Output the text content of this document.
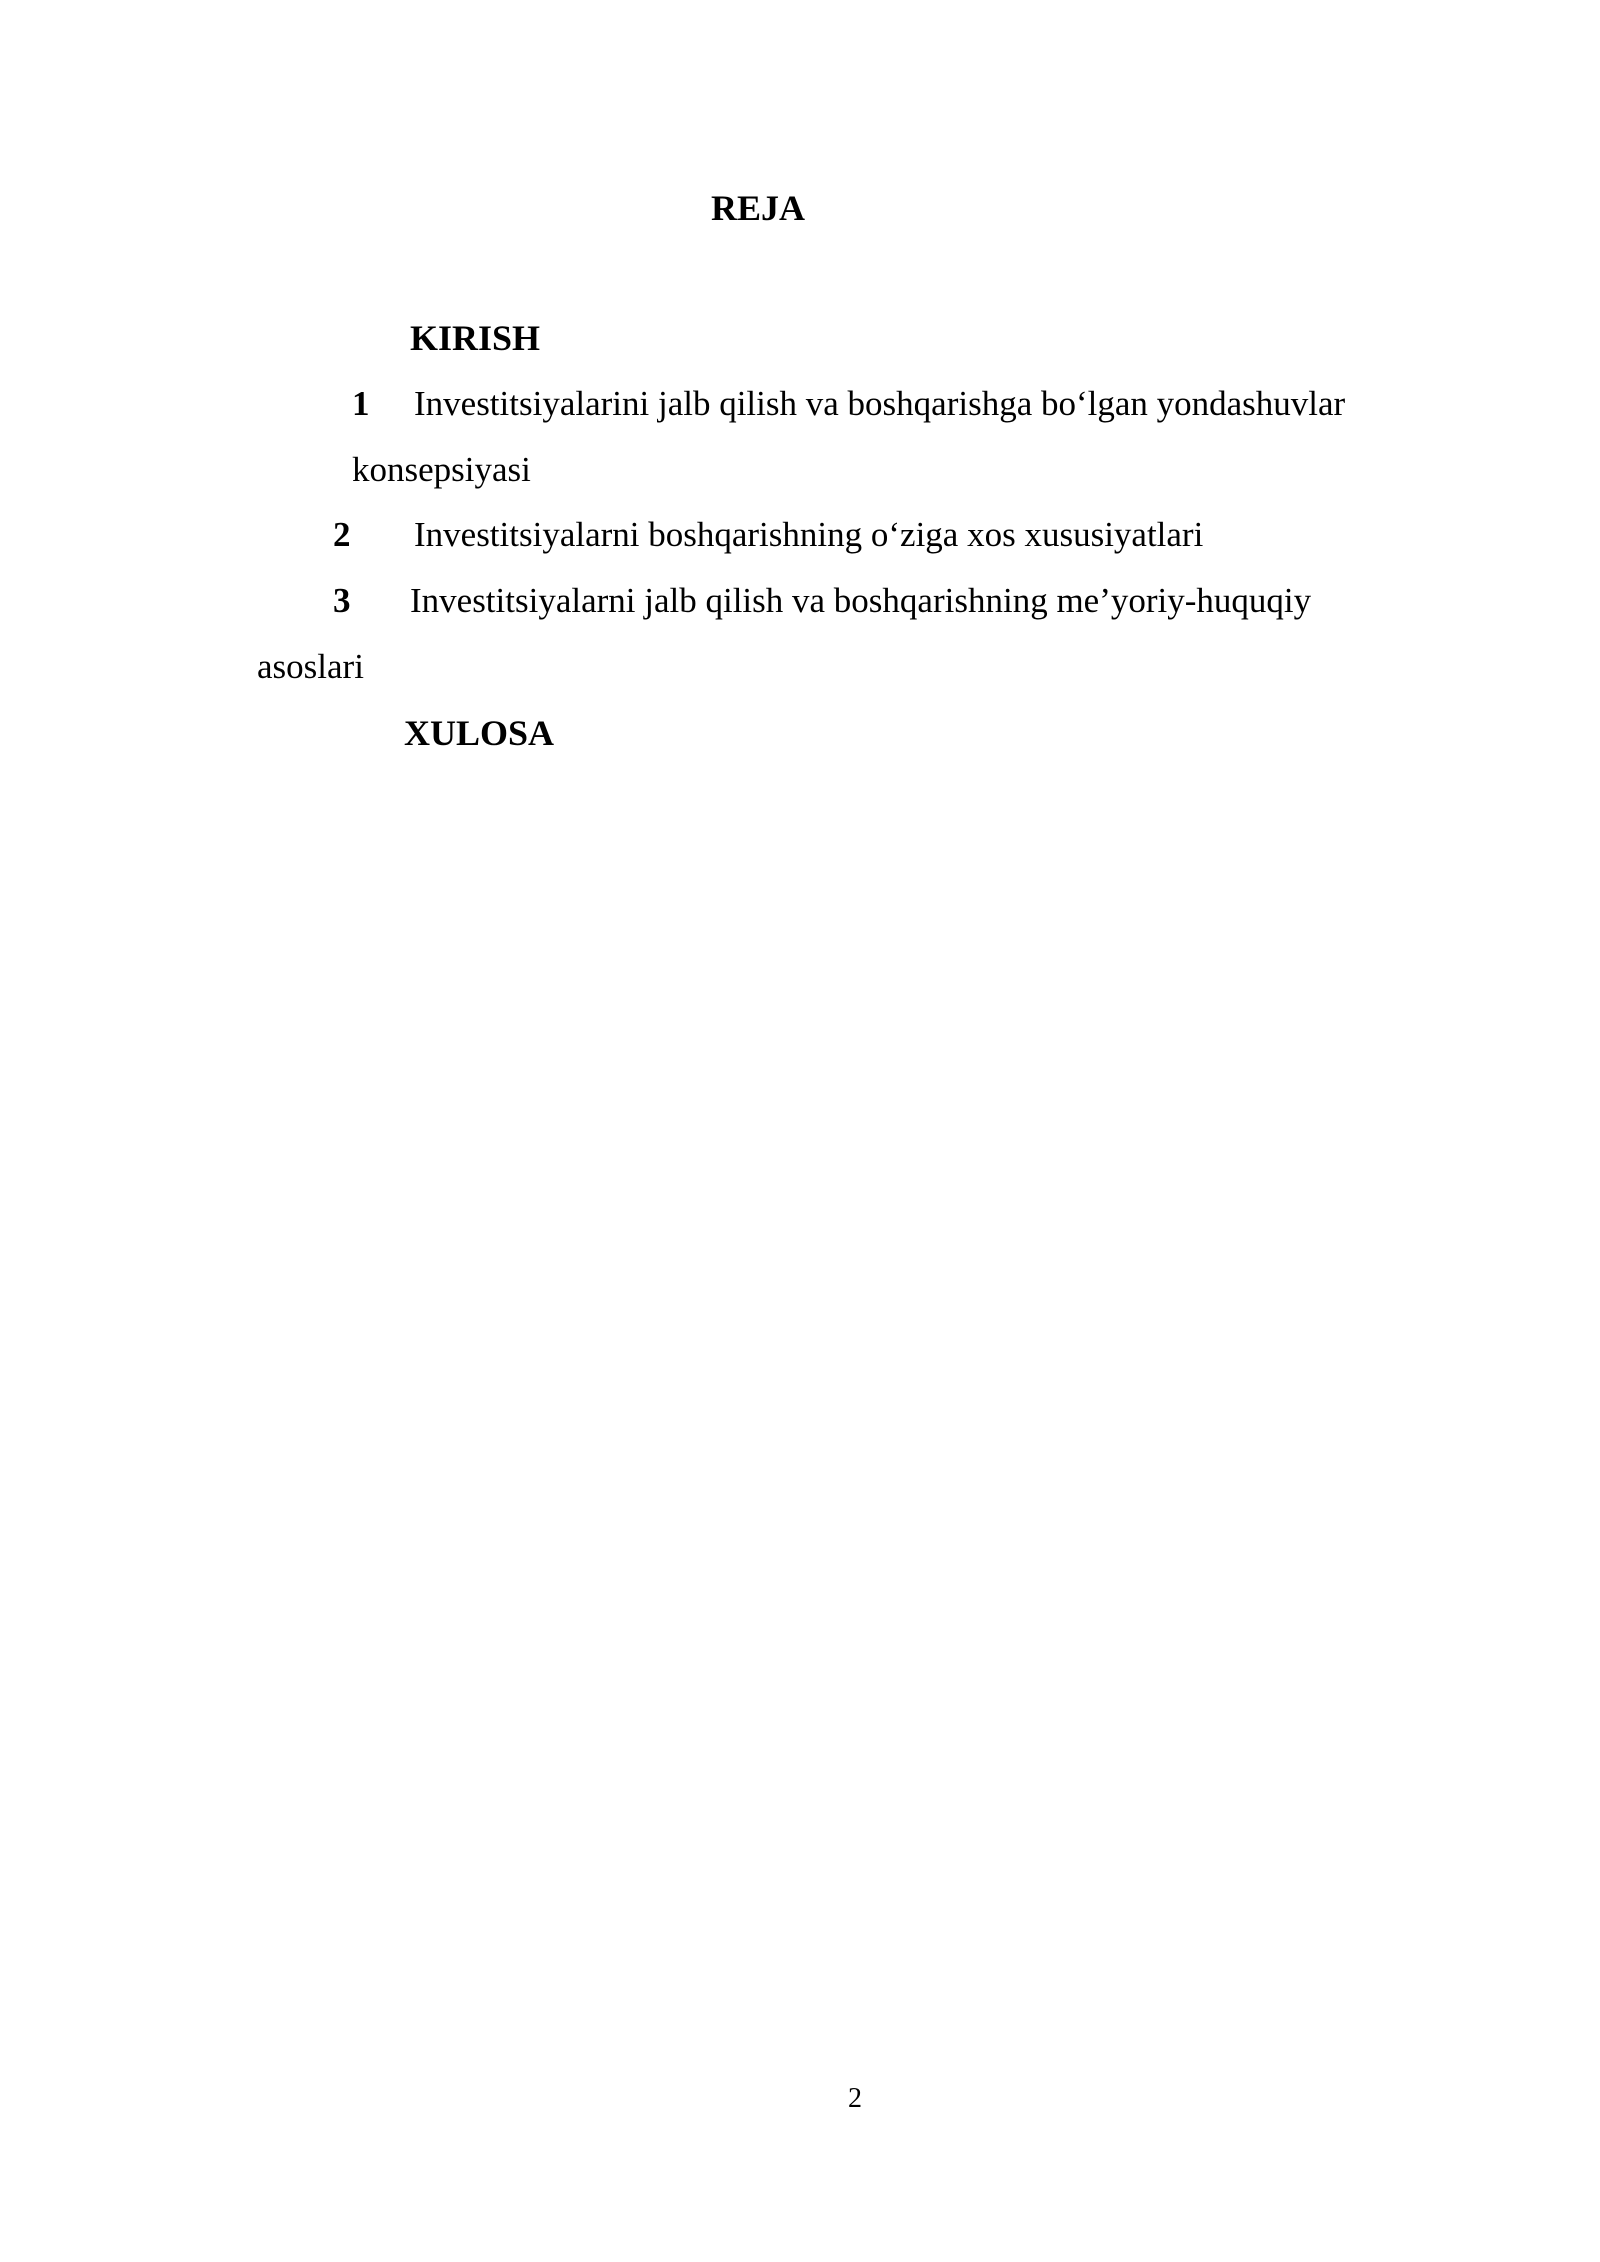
REJA
KIRISH
1 Investitsiyalarini jalb qilish va boshqarishga bo‘lgan yondashuvlar
konsepsiyasi
2 Investitsiyalarni boshqarishning o‘ziga xos xususiyatlari
3 Investitsiyalarni jalb qilish va boshqarishning me’yoriy-huquqiy
asoslari
XULOSA
2
